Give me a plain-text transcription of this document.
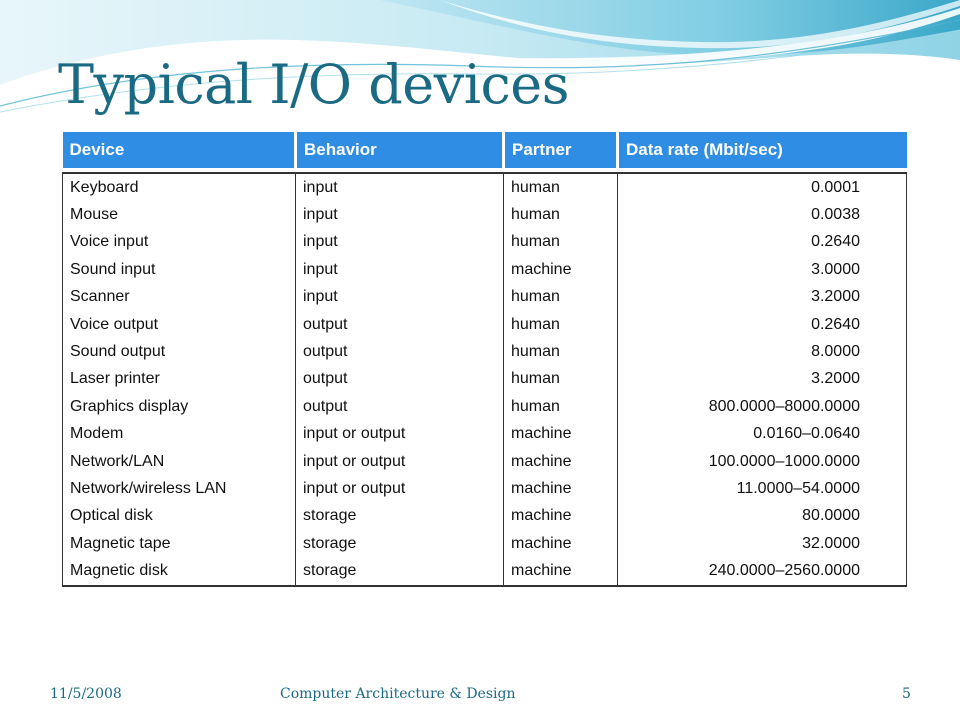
Typical I/O devices
Device	Behavior	Partner	Data rate (Mbit/sec)

Keyboard	input	human	0.0001
Mouse	input	human	0.0038
Voice input	input	human	0.2640
Sound input	input	machine	3.0000
Scanner	input	human	3.2000
Voice output	output	human	0.2640
Sound output	output	human	8.0000
Laser printer	output	human	3.2000
Graphics display	output	human	800.0000–8000.0000
Modem	input or output	machine	0.0160–0.0640
Network/LAN	input or output	machine	100.0000–1000.0000
Network/wireless LAN	input or output	machine	11.0000–54.0000
Optical disk	storage	machine	80.0000
Magnetic tape	storage	machine	32.0000
Magnetic disk	storage	machine	240.0000–2560.0000
11/5/2008	Computer Architecture & Design	5
